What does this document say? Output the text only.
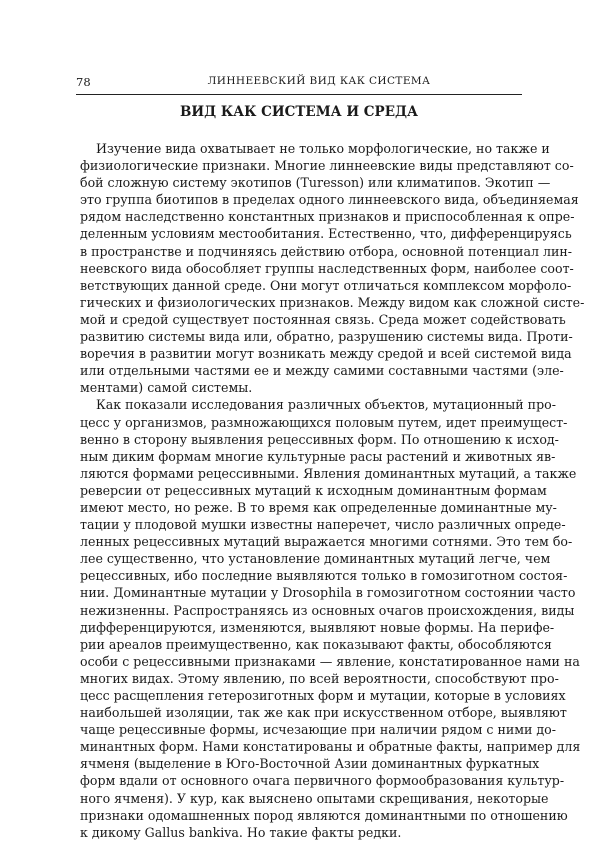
78	ЛИННЕЕВСКИЙ ВИД КАК СИСТЕМА
ВИД КАК СИСТЕМА И СРЕДА
Изучение вида охватывает не только морфологические, но также и
физиологические признаки. Многие линнеевские виды представляют со-
бой сложную систему экотипов (Turesson) или климатипов. Экотип —
это группа биотипов в пределах одного линнеевского вида, объединяемая
рядом наследственно константных признаков и приспособленная к опре-
деленным условиям местообитания. Естественно, что, дифференцируясь
в пространстве и подчиняясь действию отбора, основной потенциал лин-
неевского вида обособляет группы наследственных форм, наиболее соот-
ветствующих данной среде. Они могут отличаться комплексом морфоло-
гических и физиологических признаков. Между видом как сложной систе-
мой и средой существует постоянная связь. Среда может содействовать
развитию системы вида или, обратно, разрушению системы вида. Проти-
воречия в развитии могут возникать между средой и всей системой вида
или отдельными частями ее и между самими составными частями (эле-
ментами) самой системы.
Как показали исследования различных объектов, мутационный про-
цесс у организмов, размножающихся половым путем, идет преимущест-
венно в сторону выявления рецессивных форм. По отношению к исход-
ным диким формам многие культурные расы растений и животных яв-
ляются формами рецессивными. Явления доминантных мутаций, а также
реверсии от рецессивных мутаций к исходным доминантным формам
имеют место, но реже. В то время как определенные доминантные му-
тации у плодовой мушки известны наперечет, число различных опреде-
ленных рецессивных мутаций выражается многими сотнями. Это тем бо-
лее существенно, что установление доминантных мутаций легче, чем
рецессивных, ибо последние выявляются только в гомозиготном состоя-
нии. Доминантные мутации у Drosophila в гомозиготном состоянии часто
нежизненны. Распространяясь из основных очагов происхождения, виды
дифференцируются, изменяются, выявляют новые формы. На перифе-
рии ареалов преимущественно, как показывают факты, обособляются
особи с рецессивными признаками — явление, констатированное нами на
многих видах. Этому явлению, по всей вероятности, способствуют про-
цесс расщепления гетерозиготных форм и мутации, которые в условиях
наибольшей изоляции, так же как при искусственном отборе, выявляют
чаще рецессивные формы, исчезающие при наличии рядом с ними до-
минантных форм. Нами констатированы и обратные факты, например для
ячменя (выделение в Юго-Восточной Азии доминантных фуркатных
форм вдали от основного очага первичного формообразования культур-
ного ячменя). У кур, как выяснено опытами скрещивания, некоторые
признаки одомашненных пород являются доминантными по отношению
к дикому Gallus bankiva. Но такие факты редки.
